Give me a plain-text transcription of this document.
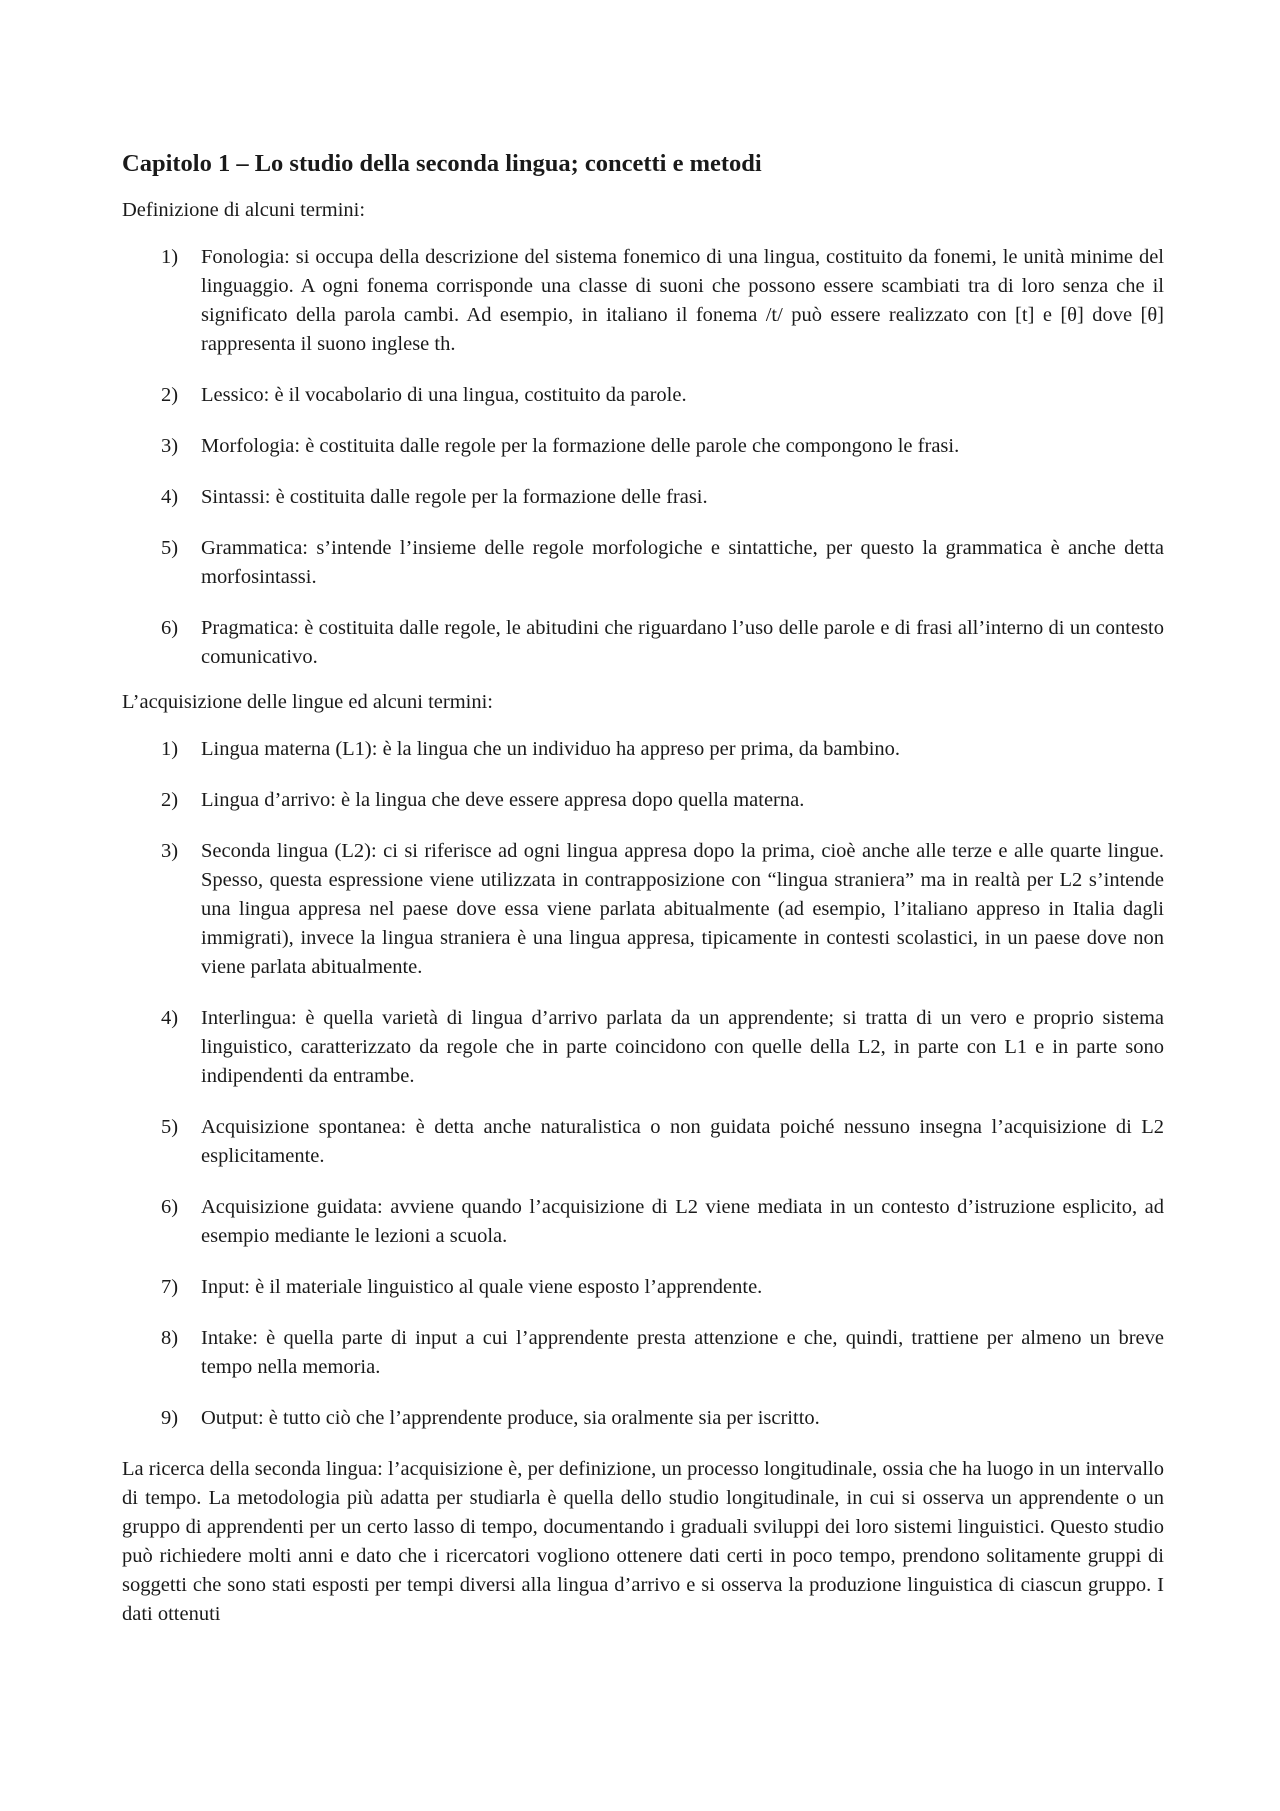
Capitolo 1 – Lo studio della seconda lingua; concetti e metodi

Definizione di alcuni termini:

1) Fonologia: si occupa della descrizione del sistema fonemico di una lingua, costituito da fonemi, le unità minime del linguaggio. A ogni fonema corrisponde una classe di suoni che possono essere scambiati tra di loro senza che il significato della parola cambi. Ad esempio, in italiano il fonema /t/ può essere realizzato con [t] e [θ] dove [θ] rappresenta il suono inglese th.
2) Lessico: è il vocabolario di una lingua, costituito da parole.
3) Morfologia: è costituita dalle regole per la formazione delle parole che compongono le frasi.
4) Sintassi: è costituita dalle regole per la formazione delle frasi.
5) Grammatica: s’intende l’insieme delle regole morfologiche e sintattiche, per questo la grammatica è anche detta morfosintassi.
6) Pragmatica: è costituita dalle regole, le abitudini che riguardano l’uso delle parole e di frasi all’interno di un contesto comunicativo.

L’acquisizione delle lingue ed alcuni termini:

1) Lingua materna (L1): è la lingua che un individuo ha appreso per prima, da bambino.
2) Lingua d’arrivo: è la lingua che deve essere appresa dopo quella materna.
3) Seconda lingua (L2): ci si riferisce ad ogni lingua appresa dopo la prima, cioè anche alle terze e alle quarte lingue. Spesso, questa espressione viene utilizzata in contrapposizione con “lingua straniera” ma in realtà per L2 s’intende una lingua appresa nel paese dove essa viene parlata abitualmente (ad esempio, l’italiano appreso in Italia dagli immigrati), invece la lingua straniera è una lingua appresa, tipicamente in contesti scolastici, in un paese dove non viene parlata abitualmente.
4) Interlingua: è quella varietà di lingua d’arrivo parlata da un apprendente; si tratta di un vero e proprio sistema linguistico, caratterizzato da regole che in parte coincidono con quelle della L2, in parte con L1 e in parte sono indipendenti da entrambe.
5) Acquisizione spontanea: è detta anche naturalistica o non guidata poiché nessuno insegna l’acquisizione di L2 esplicitamente.
6) Acquisizione guidata: avviene quando l’acquisizione di L2 viene mediata in un contesto d’istruzione esplicito, ad esempio mediante le lezioni a scuola.
7) Input: è il materiale linguistico al quale viene esposto l’apprendente.
8) Intake: è quella parte di input a cui l’apprendente presta attenzione e che, quindi, trattiene per almeno un breve tempo nella memoria.
9) Output: è tutto ciò che l’apprendente produce, sia oralmente sia per iscritto.

La ricerca della seconda lingua: l’acquisizione è, per definizione, un processo longitudinale, ossia che ha luogo in un intervallo di tempo. La metodologia più adatta per studiarla è quella dello studio longitudinale, in cui si osserva un apprendente o un gruppo di apprendenti per un certo lasso di tempo, documentando i graduali sviluppi dei loro sistemi linguistici. Questo studio può richiedere molti anni e dato che i ricercatori vogliono ottenere dati certi in poco tempo, prendono solitamente gruppi di soggetti che sono stati esposti per tempi diversi alla lingua d’arrivo e si osserva la produzione linguistica di ciascun gruppo. I dati ottenuti
